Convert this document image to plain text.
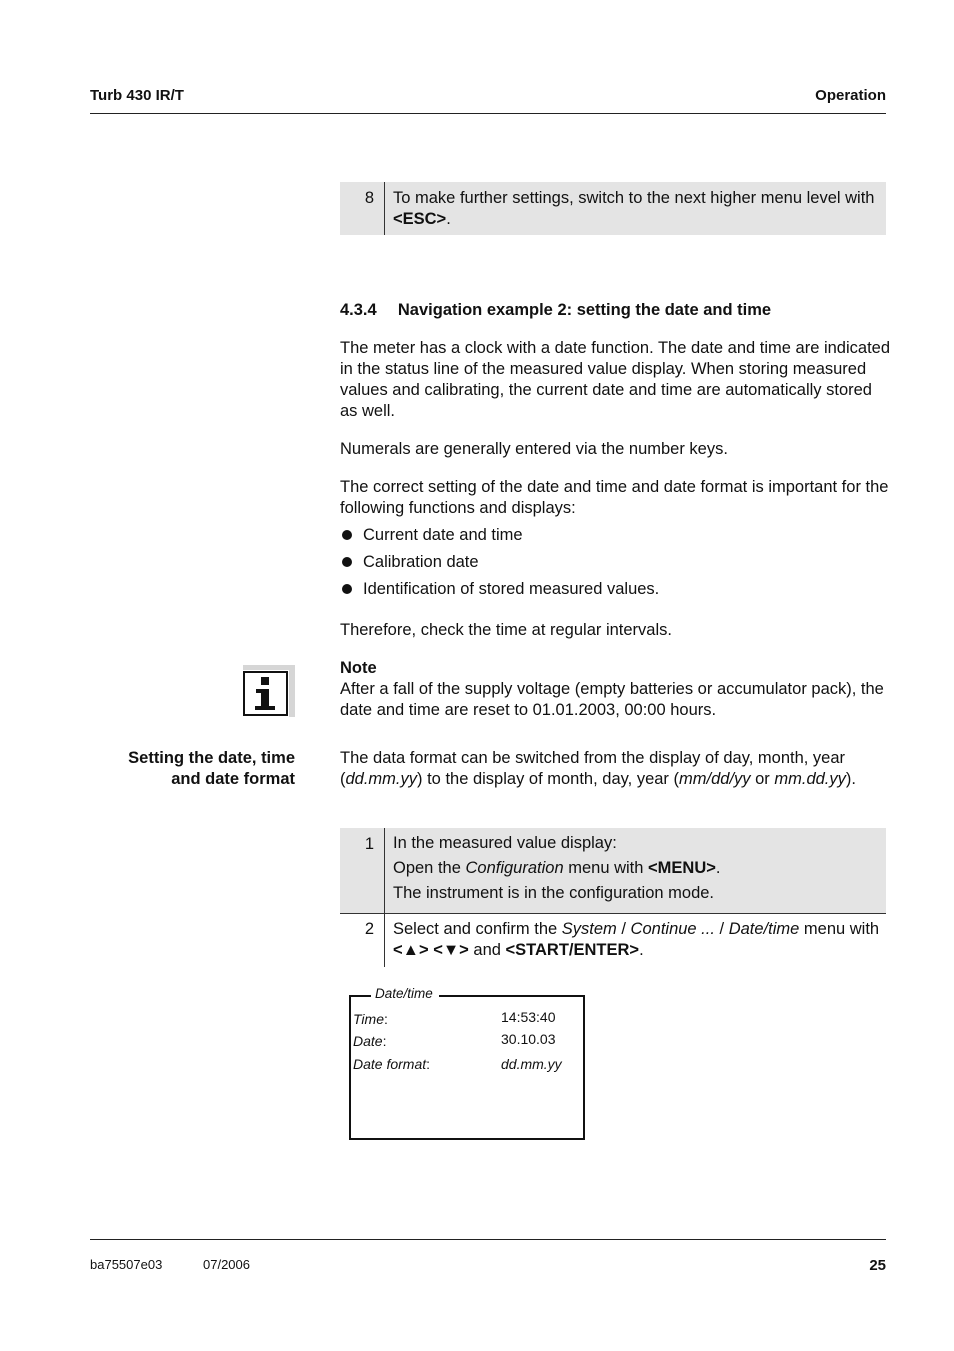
Turb 430 IR/T	Operation
8 To make further settings, switch to the next higher menu level with <ESC>.
4.3.4 Navigation example 2: setting the date and time
The meter has a clock with a date function. The date and time are indicated in the status line of the measured value display. When storing measured values and calibrating, the current date and time are automatically stored as well.
Numerals are generally entered via the number keys.
The correct setting of the date and time and date format is important for the following functions and displays:
Current date and time
Calibration date
Identification of stored measured values.
Therefore, check the time at regular intervals.
Note
After a fall of the supply voltage (empty batteries or accumulator pack), the date and time are reset to 01.01.2003, 00:00 hours.
Setting the date, time
and date format
The data format can be switched from the display of day, month, year (dd.mm.yy) to the display of month, day, year (mm/dd/yy or mm.dd.yy).
1 In the measured value display:
Open the Configuration menu with <MENU>.
The instrument is in the configuration mode.
2 Select and confirm the System / Continue ... / Date/time menu with <▲> <▼> and <START/ENTER>.
Date/time
Time:	14:53:40
Date:	30.10.03
Date format:	dd.mm.yy
ba75507e03	07/2006	25
